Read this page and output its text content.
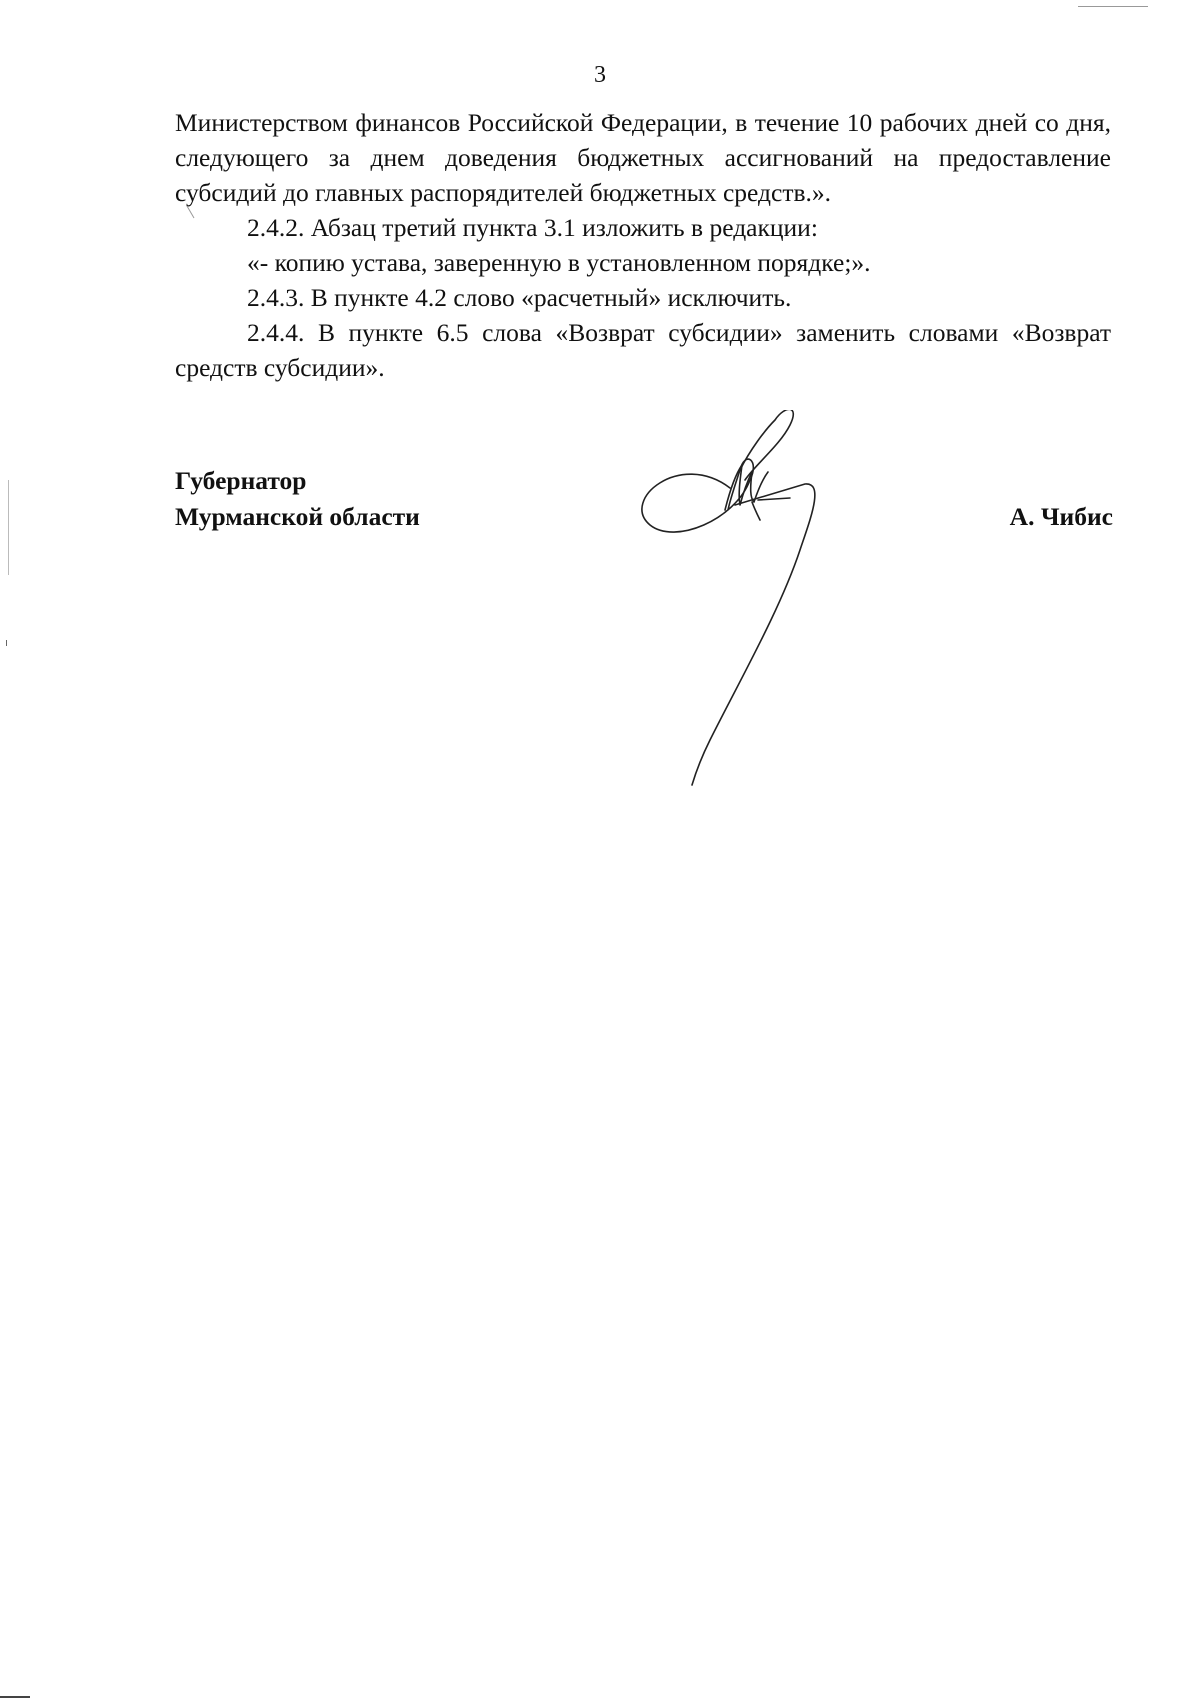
3

Министерством финансов Российской Федерации, в течение 10 рабочих дней со дня, следующего за днем доведения бюджетных ассигнований на предоставление субсидий до главных распорядителей бюджетных средств.».

2.4.2. Абзац третий пункта 3.1 изложить в редакции:

«- копию устава, заверенную в установленном порядке;».

2.4.3. В пункте 4.2 слово «расчетный» исключить.

2.4.4. В пункте 6.5 слова «Возврат субсидии» заменить словами «Возврат средств субсидии».

Губернатор
Мурманской области	А. Чибис
